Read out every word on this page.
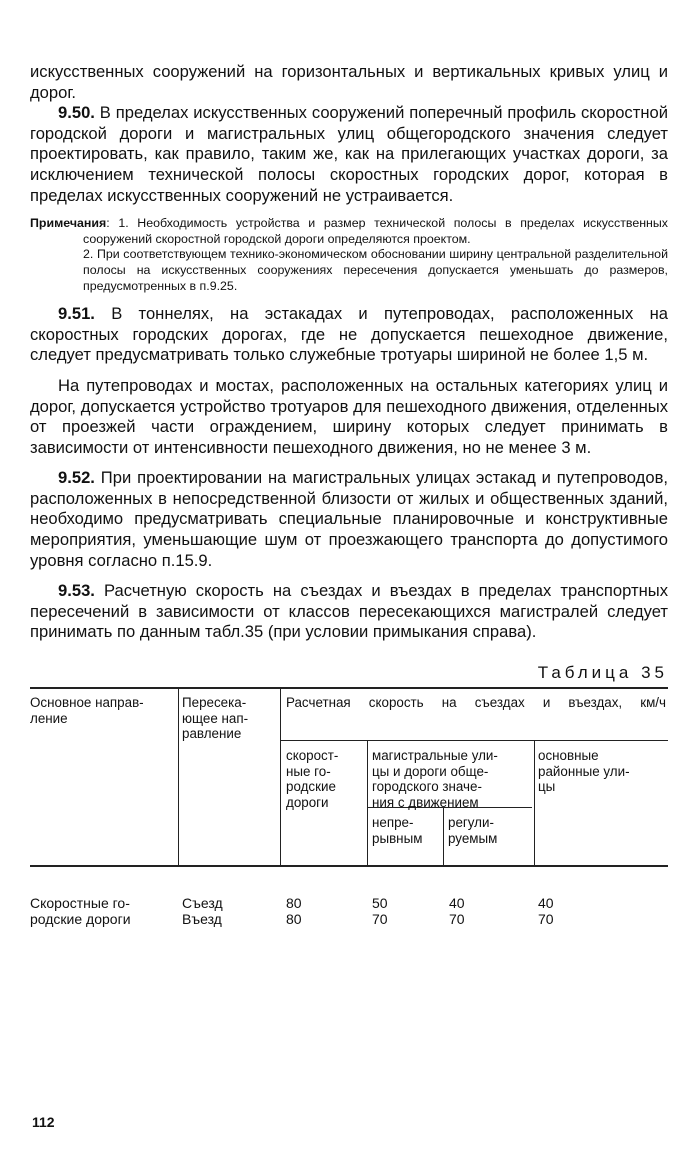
искусственных сооружений на горизонтальных и вертикальных кривых улиц и дорог.

9.50. В пределах искусственных сооружений поперечный профиль скоростной городской дороги и магистральных улиц общегородского значения следует проектировать, как правило, таким же, как на прилегающих участках дороги, за исключением технической полосы скоростных городских дорог, которая в пределах искусственных сооружений не устраивается.

Примечания: 1. Необходимость устройства и размер технической полосы в пределах искусственных сооружений скоростной городской дороги определяются проектом.

2. При соответствующем технико-экономическом обосновании ширину центральной разделительной полосы на искусственных сооружениях пересечения допускается уменьшать до размеров, предусмотренных в п.9.25.

9.51. В тоннелях, на эстакадах и путепроводах, расположенных на скоростных городских дорогах, где не допускается пешеходное движение, следует предусматривать только служебные тротуары шириной не более 1,5 м.

На путепроводах и мостах, расположенных на остальных категориях улиц и дорог, допускается устройство тротуаров для пешеходного движения, отделенных от проезжей части ограждением, ширину которых следует принимать в зависимости от интенсивности пешеходного движения, но не менее 3 м.

9.52. При проектировании на магистральных улицах эстакад и путепроводов, расположенных в непосредственной близости от жилых и общественных зданий, необходимо предусматривать специальные планировочные и конструктивные мероприятия, уменьшающие шум от проезжающего транспорта до допустимого уровня согласно п.15.9.

9.53. Расчетную скорость на съездах и въездах в пределах транспортных пересечений в зависимости от классов пересекающихся магистралей следует принимать по данным табл.35 (при условии примыкания справа).

Таблица 35
Основное направ-
ление
Пересека-
ющее нап-
равление
Расчетная скорость на съездах и въездах, км/ч
скорост-
ные го-
родские
дороги
магистральные ули-
цы и дороги обще-
городского значе-
ния с движением
основные
районные ули-
цы
непре-
рывным
регули-
руемым
Скоростные го-
родские дороги
Съезд
Въезд
80
80
50
70
40
70
40
70
112
